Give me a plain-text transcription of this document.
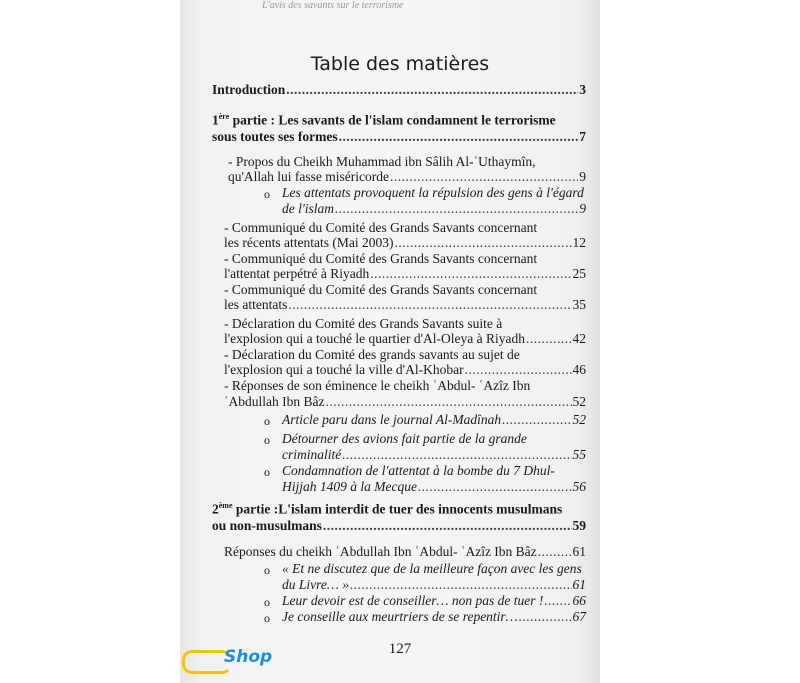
L'avis des savants sur le terrorisme
Table des matières
Introduction .....	3
1ère partie : Les savants de l'islam condamnent le terrorisme
sous toutes ses formes .....	7
- Propos du Cheikh Muhammad ibn Sâlih Al-ʿUthaymîn,
qu'Allah lui fasse miséricorde .....	9
o Les attentats provoquent la répulsion des gens à l'égard
de l'islam .....	9
- Communiqué du Comité des Grands Savants concernant
les récents attentats (Mai 2003) .....	12
- Communiqué du Comité des Grands Savants concernant
l'attentat perpétré à Riyadh .....	25
- Communiqué du Comité des Grands Savants concernant
les attentats .....	35
- Déclaration du Comité des Grands Savants suite à
l'explosion qui a touché le quartier d'Al-Oleya à Riyadh .....	42
- Déclaration du Comité des grands savants au sujet de
l'explosion qui a touché la ville d'Al-Khobar .....	46
- Réponses de son éminence le cheikh ʿAbdul- ʿAzîz Ibn
ʿAbdullah Ibn Bâz .....	52
o Article paru dans le journal Al-Madînah .....	52
o Détourner des avions fait partie de la grande
criminalité .....	55
o Condamnation de l'attentat à la bombe du 7 Dhul-
Hijjah 1409 à la Mecque .....	56
2ème partie :L'islam interdit de tuer des innocents musulmans
ou non-musulmans .....	59
Réponses du cheikh ʿAbdullah Ibn ʿAbdul- ʿAzîz Ibn Bâz .....	61
o « Et ne discutez que de la meilleure façon avec les gens
du Livre… » .....	61
o Leur devoir est de conseiller… non pas de tuer ! ..... 66
o Je conseille aux meurtriers de se repentir… .....	67
127
Shop
